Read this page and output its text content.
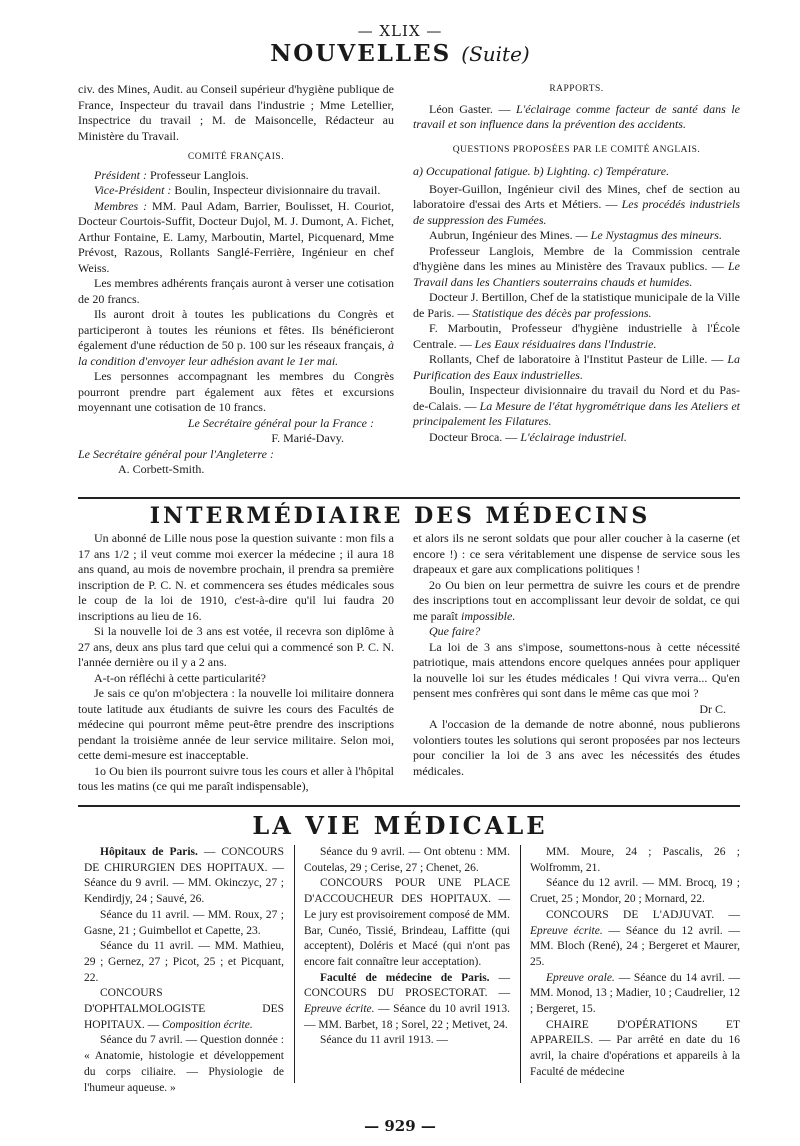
— XLIX —
NOUVELLES (Suite)

civ. des Mines, Audit. au Conseil supérieur d'hygiène publique de France, Inspecteur du travail dans l'industrie ; Mme Letellier, Inspectrice du travail ; M. de Maisoncelle, Rédacteur au Ministère du Travail.

COMITÉ FRANÇAIS.

Président : Professeur Langlois.

Vice-Président : Boulin, Inspecteur divisionnaire du travail.

Membres : MM. Paul Adam, Barrier, Boulisset, H. Couriot, Docteur Courtois-Suffit, Docteur Dujol, M. J. Dumont, A. Fichet, Arthur Fontaine, E. Lamy, Marboutin, Martel, Picquenard, Mme Prévost, Razous, Rollants Sanglé-Ferrière, Ingénieur en chef Weiss.

Les membres adhérents français auront à verser une cotisation de 20 francs.

Ils auront droit à toutes les publications du Congrès et participeront à toutes les réunions et fêtes. Ils bénéficieront également d'une réduction de 50 p. 100 sur les réseaux français, à la condition d'envoyer leur adhésion avant le 1er mai.

Les personnes accompagnant les membres du Congrès pourront prendre part également aux fêtes et excursions moyennant une cotisation de 10 francs.

Le Secrétaire général pour la France :

F. Marié-Davy.

Le Secrétaire général pour l'Angleterre :

A. Corbett-Smith.

RAPPORTS.

Léon Gaster. — L'éclairage comme facteur de santé dans le travail et son influence dans la prévention des accidents.

QUESTIONS PROPOSÉES PAR LE COMITÉ ANGLAIS.

a) Occupational fatigue. b) Lighting. c) Température.

Boyer-Guillon, Ingénieur civil des Mines, chef de section au laboratoire d'essai des Arts et Métiers. — Les procédés industriels de suppression des Fumées.

Aubrun, Ingénieur des Mines. — Le Nystagmus des mineurs.

Professeur Langlois, Membre de la Commission centrale d'hygiène dans les mines au Ministère des Travaux publics. — Le Travail dans les Chantiers souterrains chauds et humides.

Docteur J. Bertillon, Chef de la statistique municipale de la Ville de Paris. — Statistique des décès par professions.

F. Marboutin, Professeur d'hygiène industrielle à l'École Centrale. — Les Eaux résiduaires dans l'Industrie.

Rollants, Chef de laboratoire à l'Institut Pasteur de Lille. — La Purification des Eaux industrielles.

Boulin, Inspecteur divisionnaire du travail du Nord et du Pas-de-Calais. — La Mesure de l'état hygrométrique dans les Ateliers et principalement les Filatures.

Docteur Broca. — L'éclairage industriel.

INTERMÉDIAIRE DES MÉDECINS

Un abonné de Lille nous pose la question suivante : mon fils a 17 ans 1/2 ; il veut comme moi exercer la médecine ; il aura 18 ans quand, au mois de novembre prochain, il prendra sa première inscription de P. C. N. et commencera ses études médicales sous le coup de la loi de 1910, c'est-à-dire qu'il lui faudra 20 inscriptions au lieu de 16.

Si la nouvelle loi de 3 ans est votée, il recevra son diplôme à 27 ans, deux ans plus tard que celui qui a commencé son P. C. N. l'année dernière ou il y a 2 ans.

A-t-on réfléchi à cette particularité?

Je sais ce qu'on m'objectera : la nouvelle loi militaire donnera toute latitude aux étudiants de suivre les cours des Facultés de médecine qui pourront même peut-être prendre des inscriptions pendant la troisième année de leur service militaire. Selon moi, cette demi-mesure est inacceptable.

1o Ou bien ils pourront suivre tous les cours et aller à l'hôpital tous les matins (ce qui me paraît indispensable),

et alors ils ne seront soldats que pour aller coucher à la caserne (et encore !) : ce sera véritablement une dispense de service sous les drapeaux et gare aux complications politiques !

2o Ou bien on leur permettra de suivre les cours et de prendre des inscriptions tout en accomplissant leur devoir de soldat, ce qui me paraît impossible.

Que faire?

La loi de 3 ans s'impose, soumettons-nous à cette nécessité patriotique, mais attendons encore quelques années pour appliquer la nouvelle loi sur les études médicales ! Qui vivra verra... Qu'en pensent mes confrères qui sont dans le même cas que moi ?

Dr C.

A l'occasion de la demande de notre abonné, nous publierons volontiers toutes les solutions qui seront proposées par nos lecteurs pour concilier la loi de 3 ans avec les nécessités des études médicales.

LA VIE MÉDICALE

Hôpitaux de Paris. — CONCOURS DE CHIRURGIEN DES HOPITAUX. — Séance du 9 avril. — MM. Okinczyc, 27 ; Kendirdjy, 24 ; Sauvé, 26.

Séance du 11 avril. — MM. Roux, 27 ; Gasne, 21 ; Guimbellot et Capette, 23.

Séance du 11 avril. — MM. Mathieu, 29 ; Gernez, 27 ; Picot, 25 ; et Picquant, 22.

CONCOURS D'OPHTALMOLOGISTE DES HOPITAUX. — Composition écrite.

Séance du 7 avril. — Question donnée : « Anatomie, histologie et développement du corps ciliaire. — Physiologie de l'humeur aqueuse. »

Séance du 9 avril. — Ont obtenu : MM. Coutelas, 29 ; Cerise, 27 ; Chenet, 26.

CONCOURS POUR UNE PLACE D'ACCOUCHEUR DES HOPITAUX. — Le jury est provisoirement composé de MM. Bar, Cunéo, Tissié, Brindeau, Laffitte (qui acceptent), Doléris et Macé (qui n'ont pas encore fait connaître leur acceptation).

Faculté de médecine de Paris. — CONCOURS DU PROSECTORAT. — Epreuve écrite. — Séance du 10 avril 1913. — MM. Barbet, 18 ; Sorel, 22 ; Metivet, 24.

Séance du 11 avril 1913. —

MM. Moure, 24 ; Pascalis, 26 ; Wolfromm, 21.

Séance du 12 avril. — MM. Brocq, 19 ; Cruet, 25 ; Mondor, 20 ; Mornard, 22.

CONCOURS DE L'ADJUVAT. — Epreuve écrite. — Séance du 12 avril. — MM. Bloch (René), 24 ; Bergeret et Maurer, 25.

Epreuve orale. — Séance du 14 avril. — MM. Monod, 13 ; Madier, 10 ; Caudrelier, 12 ; Bergeret, 15.

CHAIRE D'OPÉRATIONS ET APPAREILS. — Par arrêté en date du 16 avril, la chaire d'opérations et appareils à la Faculté de médecine

— 929 —
